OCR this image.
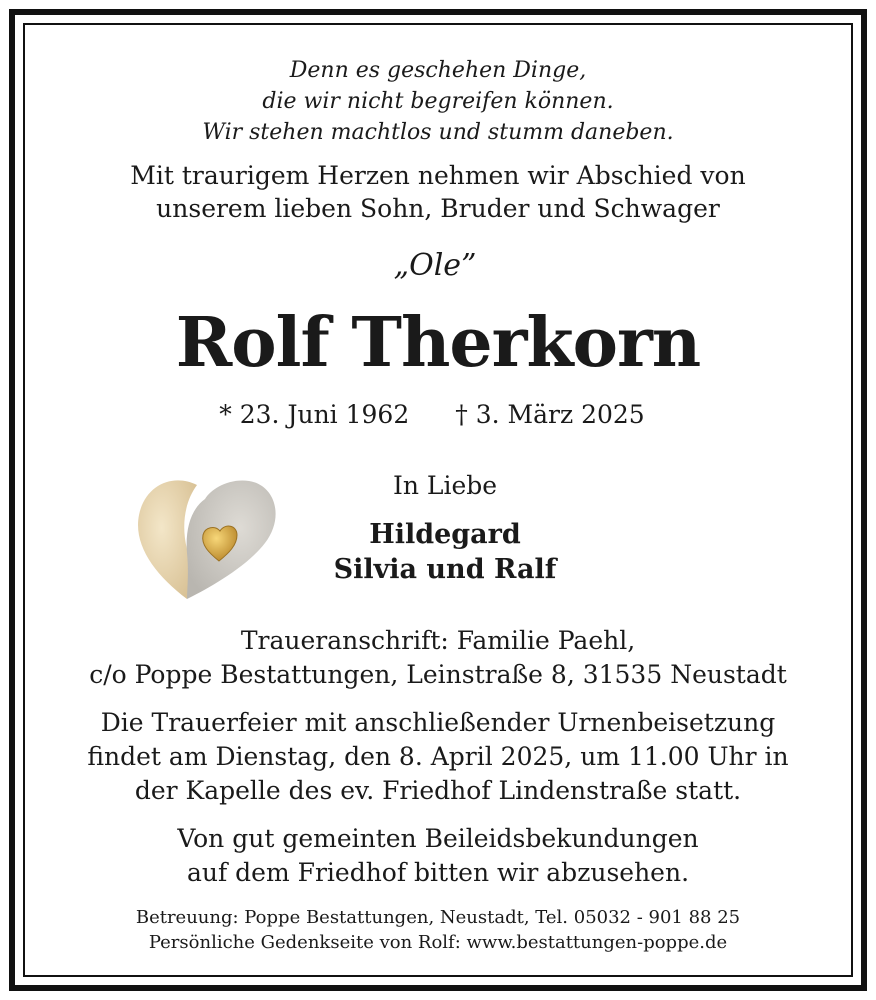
Denn es geschehen Dinge,
die wir nicht begreifen können.
Wir stehen machtlos und stumm daneben.
Mit traurigem Herzen nehmen wir Abschied von
unserem lieben Sohn, Bruder und Schwager
„Ole”
Rolf Therkorn
* 23. Juni 1962 † 3. März 2025
In Liebe
Hildegard
Silvia und Ralf
Traueranschrift: Familie Paehl,
c/o Poppe Bestattungen, Leinstraße 8, 31535 Neustadt
Die Trauerfeier mit anschließender Urnenbeisetzung
findet am Dienstag, den 8. April 2025, um 11.00 Uhr in
der Kapelle des ev. Friedhof Lindenstraße statt.
Von gut gemeinten Beileidsbekundungen
auf dem Friedhof bitten wir abzusehen.
Betreuung: Poppe Bestattungen, Neustadt, Tel. 05032 - 901 88 25
Persönliche Gedenkseite von Rolf: www.bestattungen-poppe.de
